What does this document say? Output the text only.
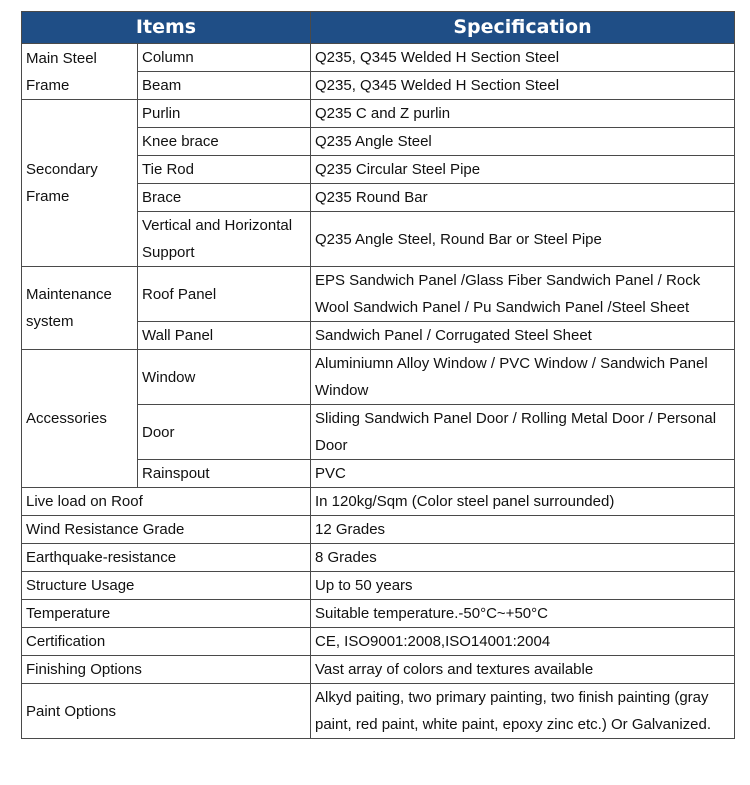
Items		Specification
Main Steel Frame	Column	Q235, Q345 Welded H Section Steel
	Beam	Q235, Q345 Welded H Section Steel
Secondary Frame	Purlin	Q235 C and Z purlin
	Knee brace	Q235 Angle Steel
	Tie Rod	Q235 Circular Steel Pipe
	Brace	Q235 Round Bar
	Vertical and Horizontal Support	Q235 Angle Steel, Round Bar or Steel Pipe
Maintenance system	Roof Panel	EPS Sandwich Panel /Glass Fiber Sandwich Panel / Rock Wool Sandwich Panel / Pu Sandwich Panel /Steel Sheet
	Wall Panel	Sandwich Panel / Corrugated Steel Sheet
Accessories	Window	Aluminiumn Alloy Window / PVC Window / Sandwich Panel Window
	Door	Sliding Sandwich Panel Door / Rolling Metal Door / Personal Door
	Rainspout	PVC
Live load on Roof		In 120kg/Sqm (Color steel panel surrounded)
Wind Resistance Grade		12 Grades
Earthquake-resistance		8 Grades
Structure Usage		Up to 50 years
Temperature		Suitable temperature.-50°C~+50°C
Certification		CE, ISO9001:2008,ISO14001:2004
Finishing Options		Vast array of colors and textures available
Paint Options		Alkyd paiting, two primary painting, two finish painting (gray paint, red paint, white paint, epoxy zinc etc.) Or Galvanized.
